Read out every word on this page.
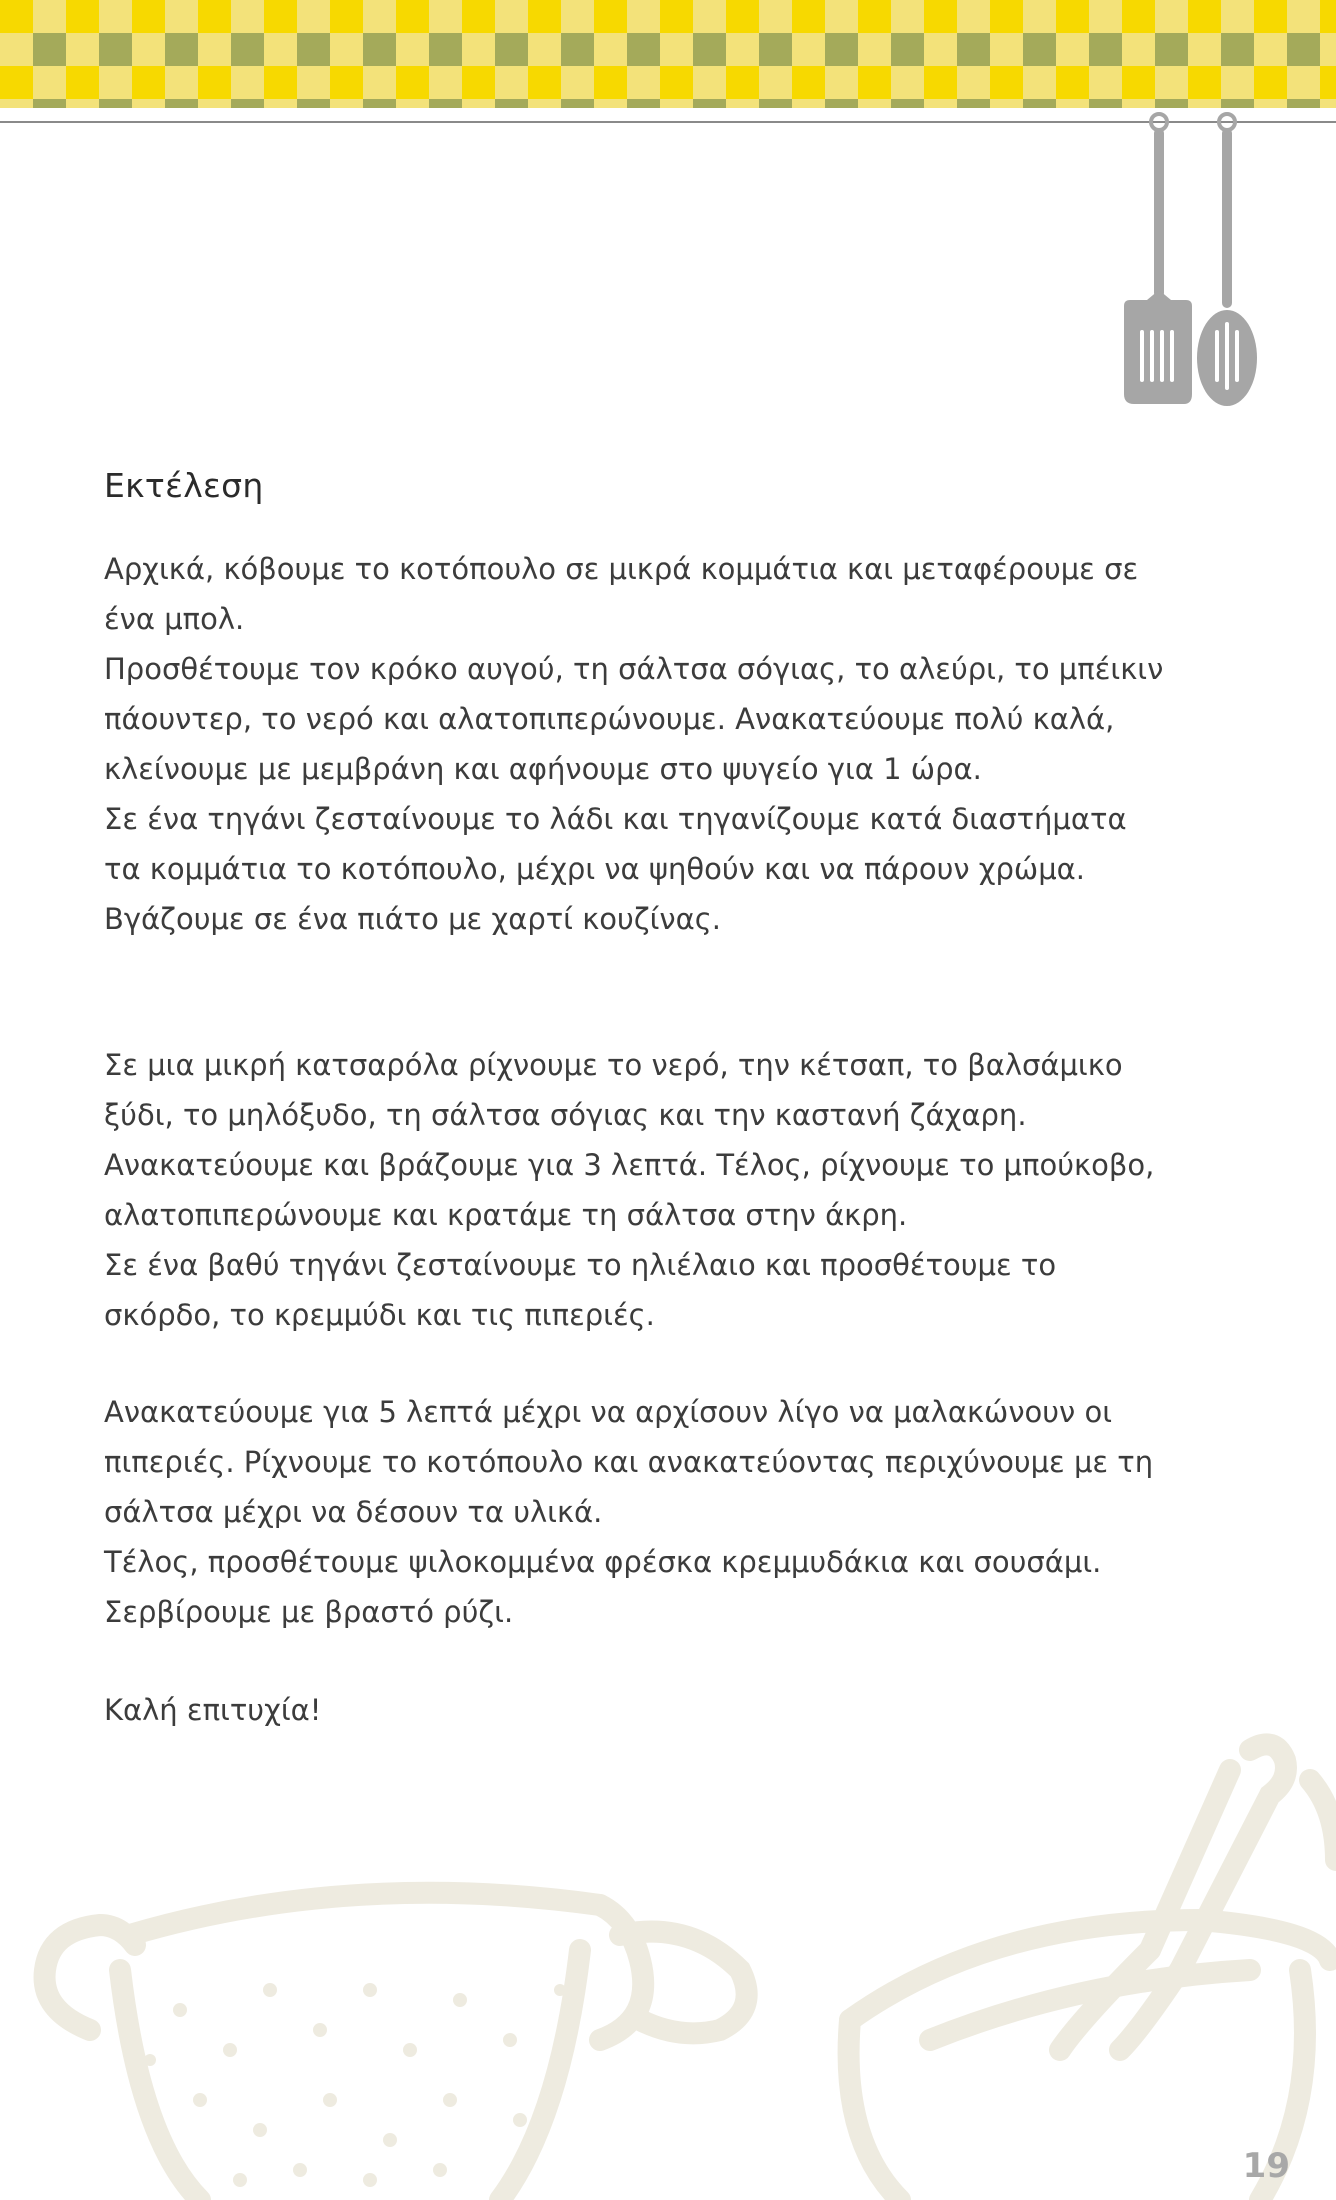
Εκτέλεση

Αρχικά, κόβουμε το κοτόπουλο σε μικρά κομμάτια και μεταφέρουμε σε ένα μπολ.
Προσθέτουμε τον κρόκο αυγού, τη σάλτσα σόγιας, το αλεύρι, το μπέικιν πάουντερ, το νερό και αλατοπιπερώνουμε. Ανακατεύουμε πολύ καλά, κλείνουμε με μεμβράνη και αφήνουμε στο ψυγείο για 1 ώρα.
Σε ένα τηγάνι ζεσταίνουμε το λάδι και τηγανίζουμε κατά διαστήματα τα κομμάτια το κοτόπουλο, μέχρι να ψηθούν και να πάρουν χρώμα. Βγάζουμε σε ένα πιάτο με χαρτί κουζίνας.

Σε μια μικρή κατσαρόλα ρίχνουμε το νερό, την κέτσαπ, το βαλσάμικο ξύδι, το μηλόξυδο, τη σάλτσα σόγιας και την καστανή ζάχαρη. Ανακατεύουμε και βράζουμε για 3 λεπτά. Τέλος, ρίχνουμε το μπούκοβο, αλατοπιπερώνουμε και κρατάμε τη σάλτσα στην άκρη.
Σε ένα βαθύ τηγάνι ζεσταίνουμε το ηλιέλαιο και προσθέτουμε το σκόρδο, το κρεμμύδι και τις πιπεριές.

Ανακατεύουμε για 5 λεπτά μέχρι να αρχίσουν λίγο να μαλακώνουν οι πιπεριές. Ρίχνουμε το κοτόπουλο και ανακατεύοντας περιχύνουμε με τη σάλτσα μέχρι να δέσουν τα υλικά.
Τέλος, προσθέτουμε ψιλοκομμένα φρέσκα κρεμμυδάκια και σουσάμι. Σερβίρουμε με βραστό ρύζι.

Καλή επιτυχία!

19
